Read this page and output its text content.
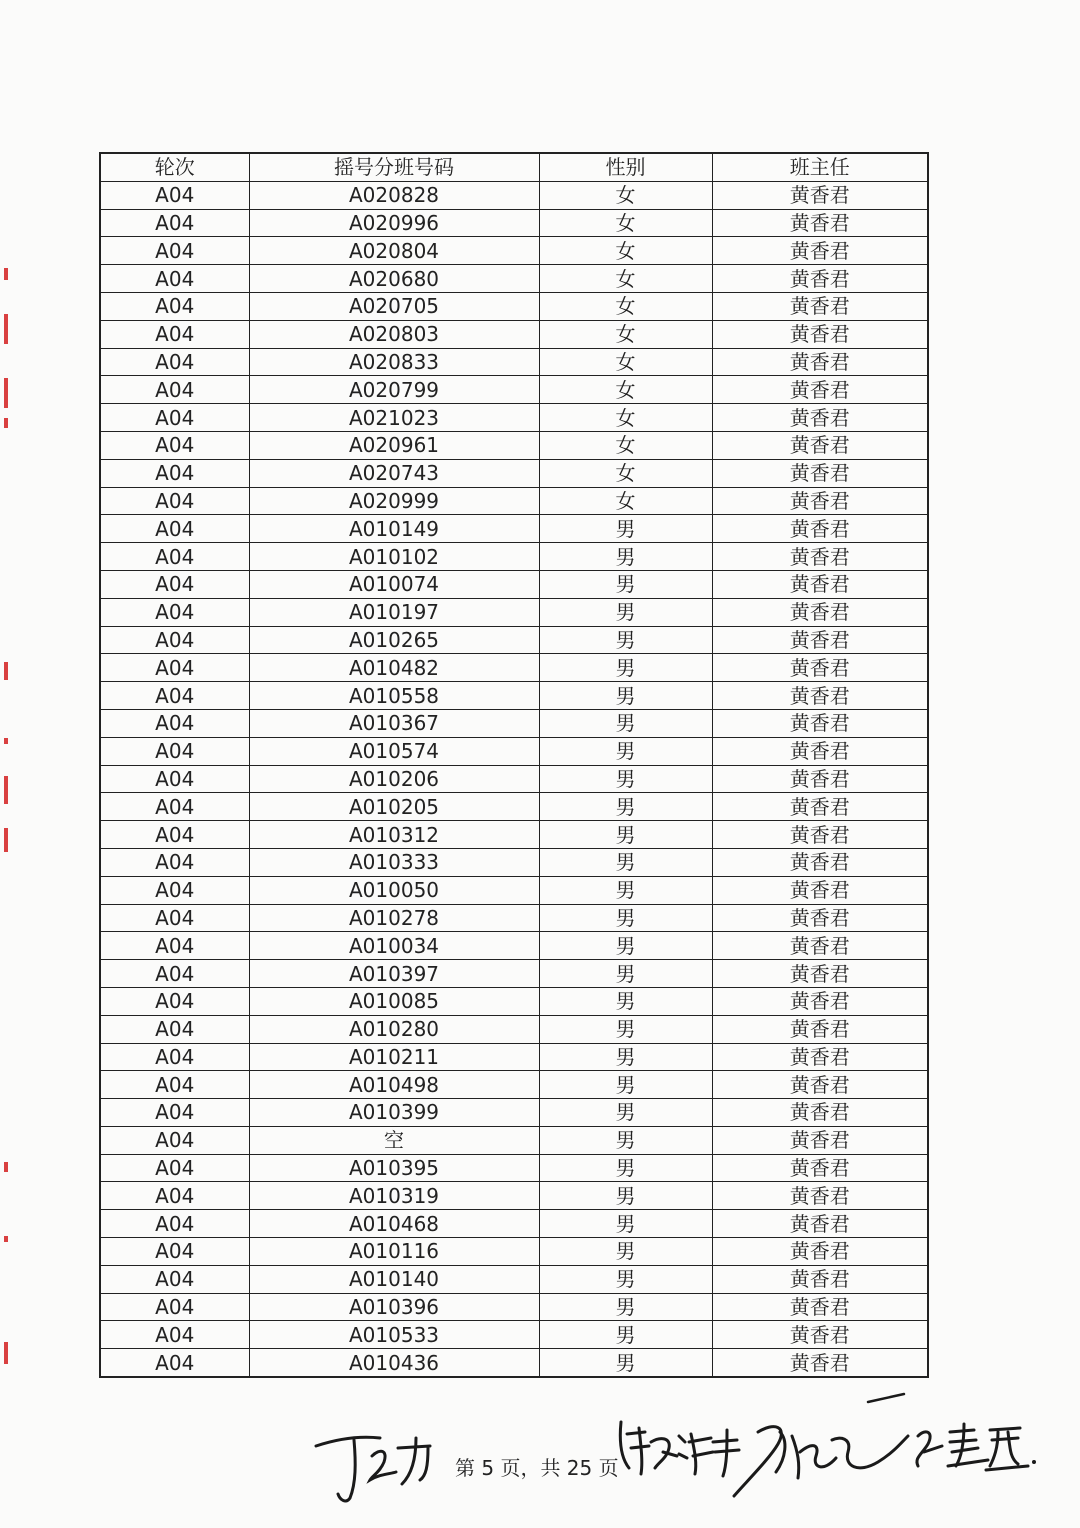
轮次	摇号分班号码	性别	班主任
A04	A020828	女	黄香君
A04	A020996	女	黄香君
A04	A020804	女	黄香君
A04	A020680	女	黄香君
A04	A020705	女	黄香君
A04	A020803	女	黄香君
A04	A020833	女	黄香君
A04	A020799	女	黄香君
A04	A021023	女	黄香君
A04	A020961	女	黄香君
A04	A020743	女	黄香君
A04	A020999	女	黄香君
A04	A010149	男	黄香君
A04	A010102	男	黄香君
A04	A010074	男	黄香君
A04	A010197	男	黄香君
A04	A010265	男	黄香君
A04	A010482	男	黄香君
A04	A010558	男	黄香君
A04	A010367	男	黄香君
A04	A010574	男	黄香君
A04	A010206	男	黄香君
A04	A010205	男	黄香君
A04	A010312	男	黄香君
A04	A010333	男	黄香君
A04	A010050	男	黄香君
A04	A010278	男	黄香君
A04	A010034	男	黄香君
A04	A010397	男	黄香君
A04	A010085	男	黄香君
A04	A010280	男	黄香君
A04	A010211	男	黄香君
A04	A010498	男	黄香君
A04	A010399	男	黄香君
A04	空	男	黄香君
A04	A010395	男	黄香君
A04	A010319	男	黄香君
A04	A010468	男	黄香君
A04	A010116	男	黄香君
A04	A010140	男	黄香君
A04	A010396	男	黄香君
A04	A010533	男	黄香君
A04	A010436	男	黄香君
第 5 页，共 25 页
